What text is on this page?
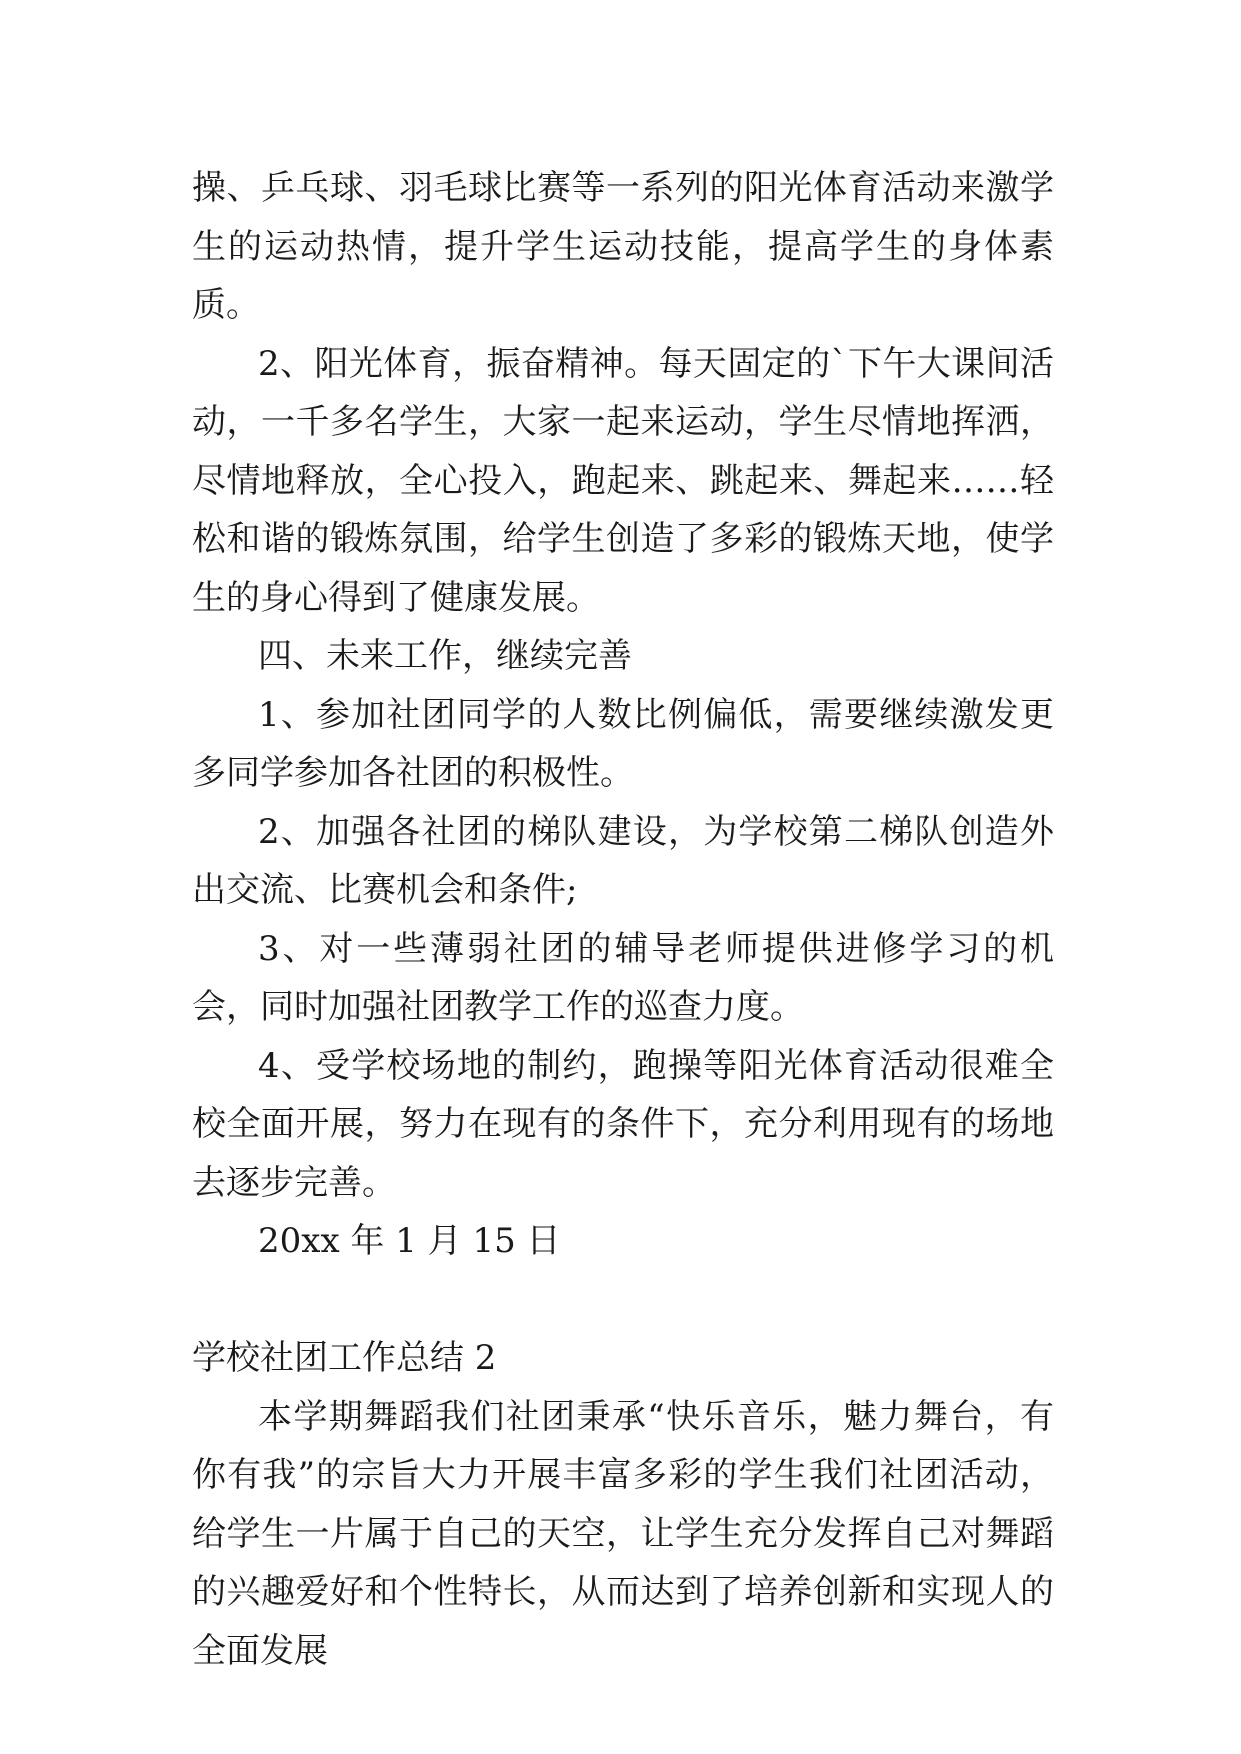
操、乒乓球、羽毛球比赛等一系列的阳光体育活动来激学生的运动热情，提升学生运动技能，提高学生的身体素质。

2、阳光体育，振奋精神。每天固定的`下午大课间活动，一千多名学生，大家一起来运动，学生尽情地挥洒，尽情地释放，全心投入，跑起来、跳起来、舞起来……轻松和谐的锻炼氛围，给学生创造了多彩的锻炼天地，使学生的身心得到了健康发展。

四、未来工作，继续完善

1、参加社团同学的人数比例偏低，需要继续激发更多同学参加各社团的积极性。

2、加强各社团的梯队建设，为学校第二梯队创造外出交流、比赛机会和条件;

3、对一些薄弱社团的辅导老师提供进修学习的机会，同时加强社团教学工作的巡查力度。

4、受学校场地的制约，跑操等阳光体育活动很难全校全面开展，努力在现有的条件下，充分利用现有的场地去逐步完善。

20xx 年 1 月 15 日

学校社团工作总结 2

本学期舞蹈我们社团秉承“快乐音乐，魅力舞台，有你有我”的宗旨大力开展丰富多彩的学生我们社团活动，给学生一片属于自己的天空，让学生充分发挥自己对舞蹈的兴趣爱好和个性特长，从而达到了培养创新和实现人的全面发展
